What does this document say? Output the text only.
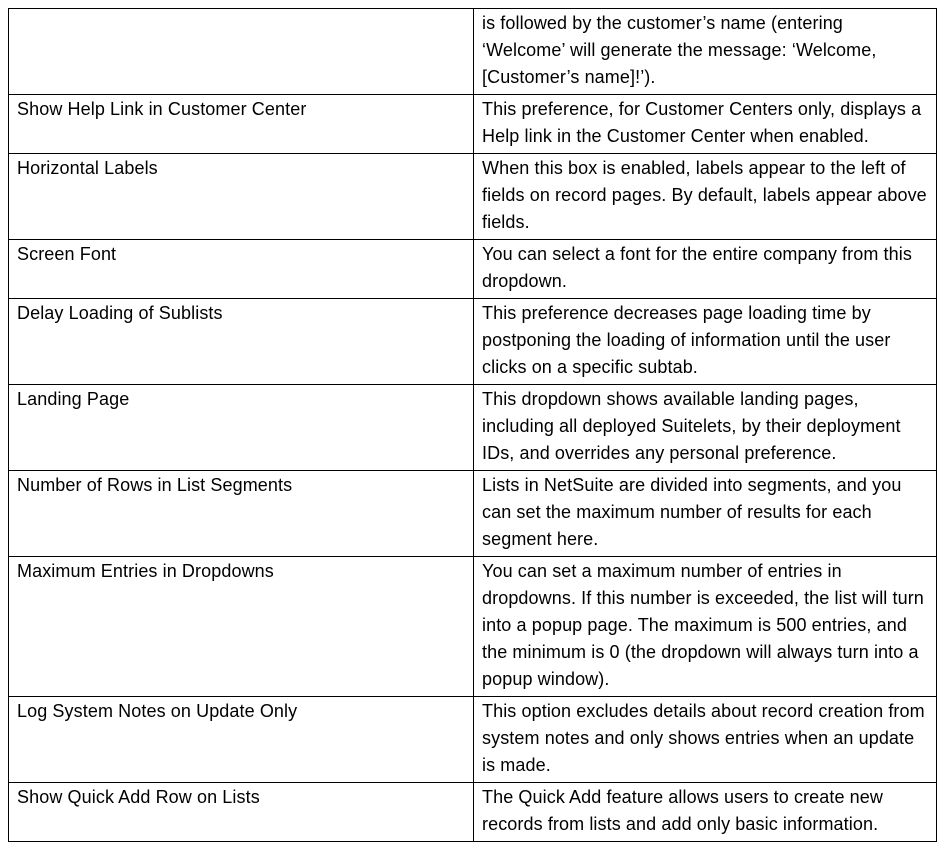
	is followed by the customer’s name (entering ‘Welcome’ will generate the message: ‘Welcome, [Customer’s name]!’).
Show Help Link in Customer Center	This preference, for Customer Centers only, displays a Help link in the Customer Center when enabled.
Horizontal Labels	When this box is enabled, labels appear to the left of fields on record pages. By default, labels appear above fields.
Screen Font	You can select a font for the entire company from this dropdown.
Delay Loading of Sublists	This preference decreases page loading time by postponing the loading of information until the user clicks on a specific subtab.
Landing Page	This dropdown shows available landing pages, including all deployed Suitelets, by their deployment IDs, and overrides any personal preference.
Number of Rows in List Segments	Lists in NetSuite are divided into segments, and you can set the maximum number of results for each segment here.
Maximum Entries in Dropdowns	You can set a maximum number of entries in dropdowns. If this number is exceeded, the list will turn into a popup page. The maximum is 500 entries, and the minimum is 0 (the dropdown will always turn into a popup window).
Log System Notes on Update Only	This option excludes details about record creation from system notes and only shows entries when an update is made.
Show Quick Add Row on Lists	The Quick Add feature allows users to create new records from lists and add only basic information.
